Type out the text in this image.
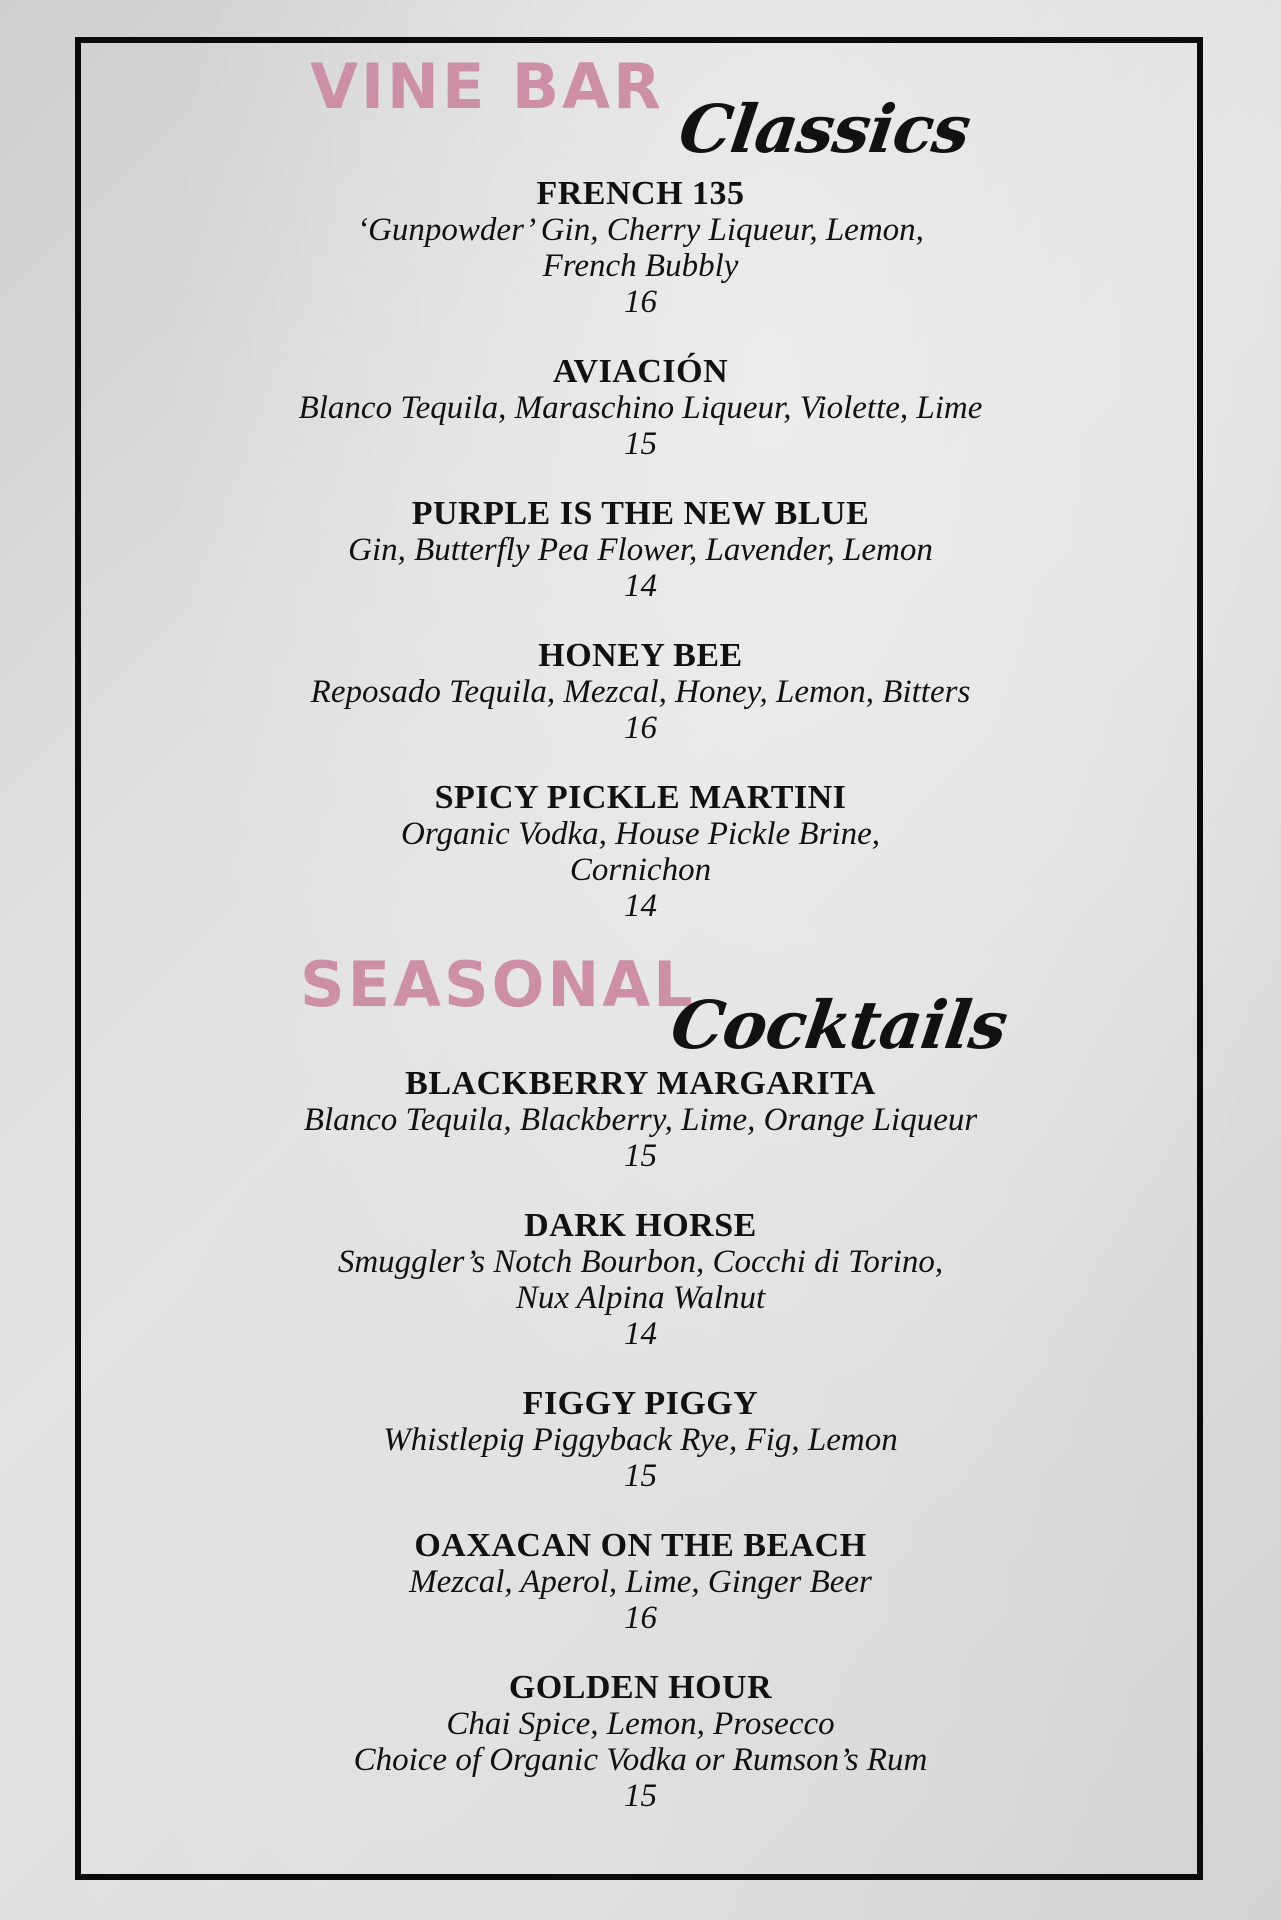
VINE BAR
Classics
FRENCH 135
‘Gunpowder’ Gin, Cherry Liqueur, Lemon,
French Bubbly
16
AVIACIÓN
Blanco Tequila, Maraschino Liqueur, Violette, Lime
15
PURPLE IS THE NEW BLUE
Gin, Butterfly Pea Flower, Lavender, Lemon
14
HONEY BEE
Reposado Tequila, Mezcal, Honey, Lemon, Bitters
16
SPICY PICKLE MARTINI
Organic Vodka, House Pickle Brine,
Cornichon
14
SEASONAL
Cocktails
BLACKBERRY MARGARITA
Blanco Tequila, Blackberry, Lime, Orange Liqueur
15
DARK HORSE
Smuggler’s Notch Bourbon, Cocchi di Torino,
Nux Alpina Walnut
14
FIGGY PIGGY
Whistlepig Piggyback Rye, Fig, Lemon
15
OAXACAN ON THE BEACH
Mezcal, Aperol, Lime, Ginger Beer
16
GOLDEN HOUR
Chai Spice, Lemon, Prosecco
Choice of Organic Vodka or Rumson’s Rum
15
